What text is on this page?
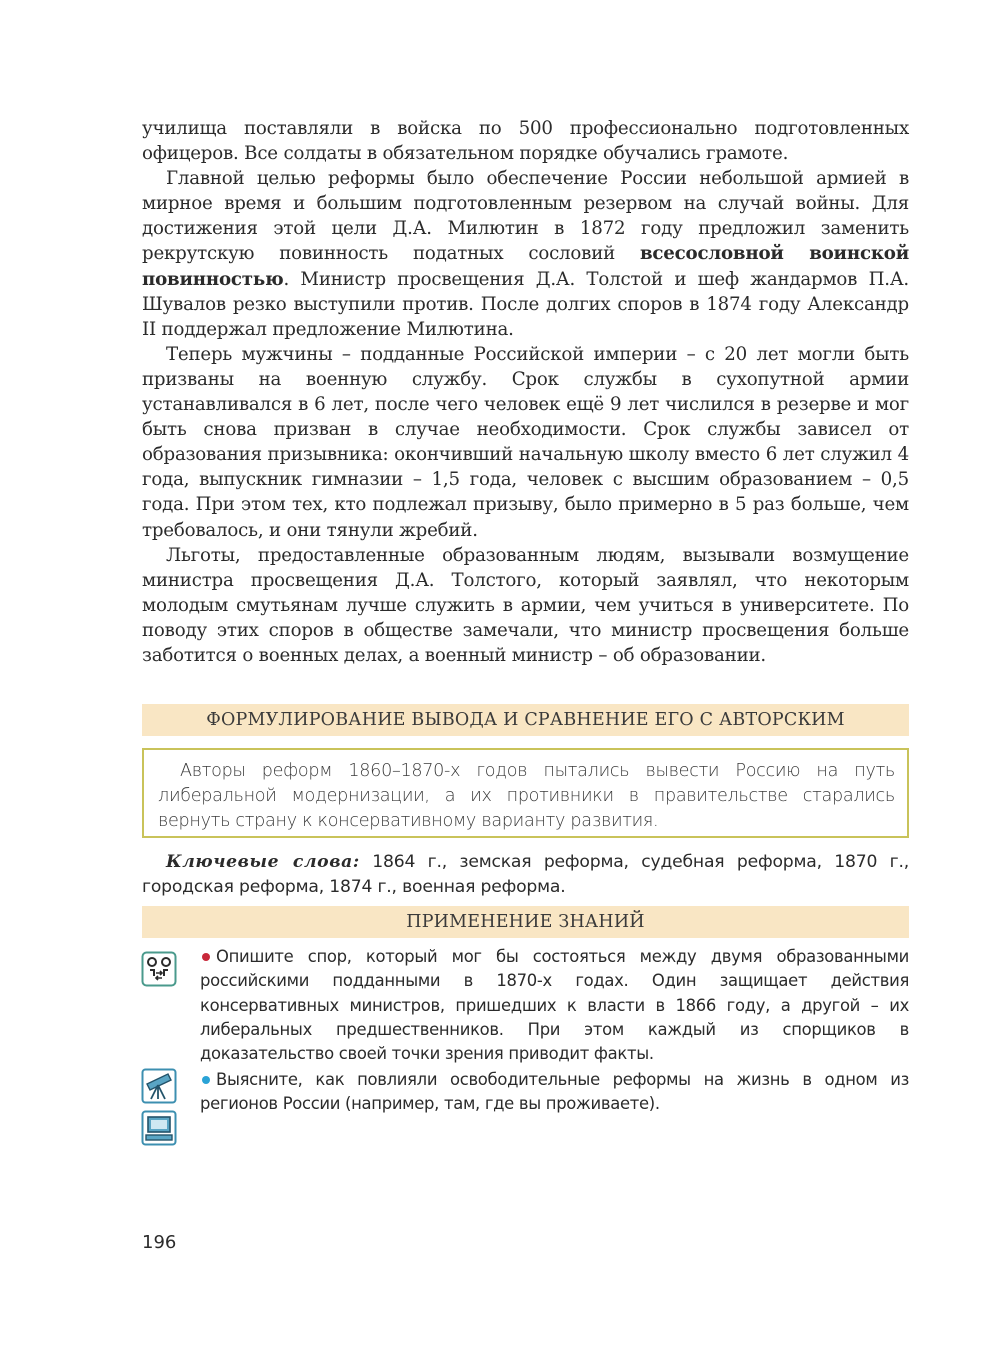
училища поставляли в войска по 500 профессионально подготовленных офицеров. Все солдаты в обязательном порядке обучались грамоте.

Главной целью реформы было обеспечение России небольшой армией в мирное время и большим подготовленным резервом на случай войны. Для достижения этой цели Д.А. Милютин в 1872 году предложил заменить рекрутскую повинность податных сословий всесословной воинской повинностью. Министр просвещения Д.А. Толстой и шеф жандармов П.А. Шувалов резко выступили против. После долгих споров в 1874 году Александр II поддержал предложение Милютина.

Теперь мужчины – подданные Российской империи – с 20 лет могли быть призваны на военную службу. Срок службы в сухопутной армии устанавливался в 6 лет, после чего человек ещё 9 лет числился в резерве и мог быть снова призван в случае необходимости. Срок службы зависел от образования призывника: окончивший начальную школу вместо 6 лет служил 4 года, выпускник гимназии – 1,5 года, человек с высшим образованием – 0,5 года. При этом тех, кто подлежал призыву, было примерно в 5 раз больше, чем требовалось, и они тянули жребий.

Льготы, предоставленные образованным людям, вызывали возмущение министра просвещения Д.А. Толстого, который заявлял, что некоторым молодым смутьянам лучше служить в армии, чем учиться в университете. По поводу этих споров в обществе замечали, что министр просвещения больше заботится о военных делах, а военный министр – об образовании.

ФОРМУЛИРОВАНИЕ ВЫВОДА И СРАВНЕНИЕ ЕГО С АВТОРСКИМ
Авторы реформ 1860–1870-х годов пытались вывести Россию на путь либеральной модернизации, а их противники в правительстве старались вернуть страну к консервативному варианту развития.
Ключевые слова: 1864 г., земская реформа, судебная реформа, 1870 г., городская реформа, 1874 г., военная реформа.
ПРИМЕНЕНИЕ ЗНАНИЙ
Опишите спор, который мог бы состояться между двумя образованными российскими подданными в 1870-х годах. Один защищает действия консервативных министров, пришедших к власти в 1866 году, а другой – их либеральных предшественников. При этом каждый из спорщиков в доказательство своей точки зрения приводит факты.
Выясните, как повлияли освободительные реформы на жизнь в одном из регионов России (например, там, где вы проживаете).
196
